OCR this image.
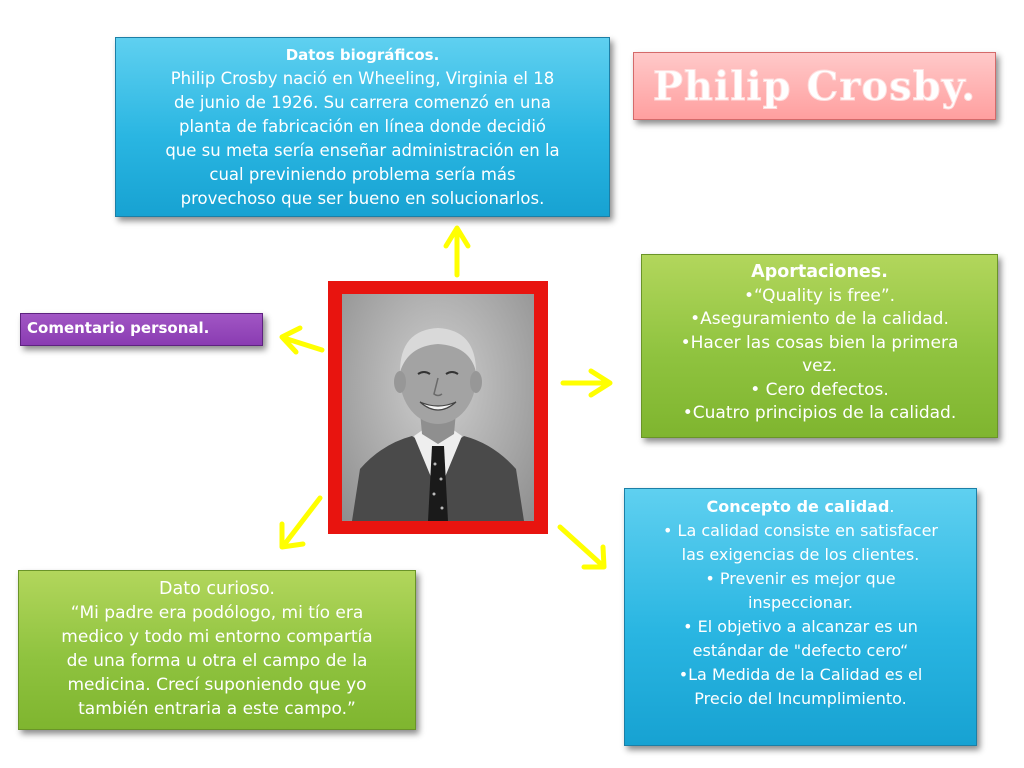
Datos biográficos.
Philip Crosby nació en Wheeling, Virginia el 18
de junio de 1926. Su carrera comenzó en una
planta de fabricación en línea donde decidió
que su meta sería enseñar administración en la
cual previniendo problema sería más
provechoso que ser bueno en solucionarlos.
Philip Crosby.
Aportaciones.
•“Quality is free”.
•Aseguramiento de la calidad.
•Hacer las cosas bien la primera
vez.
• Cero defectos.
•Cuatro principios de la calidad.
Comentario personal.
Concepto de calidad.
• La calidad consiste en satisfacer
las exigencias de los clientes.
• Prevenir es mejor que
inspeccionar.
• El objetivo a alcanzar es un
estándar de "defecto cero“
•La Medida de la Calidad es el
Precio del Incumplimiento.
Dato curioso.
“Mi padre era podólogo, mi tío era
medico y todo mi entorno compartía
de una forma u otra el campo de la
medicina. Crecí suponiendo que yo
también entraria a este campo.”
